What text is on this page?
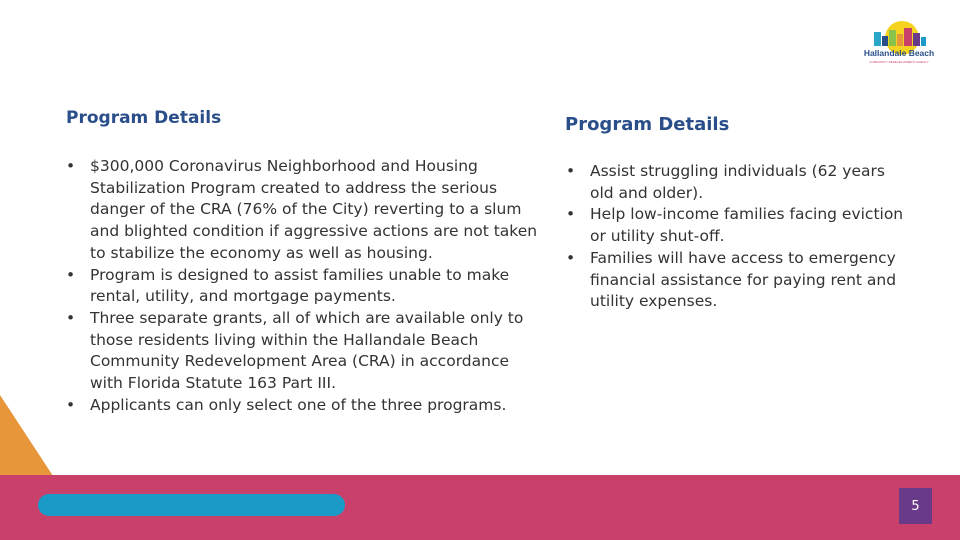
Hallandale Beach
COMMUNITY REDEVELOPMENT AGENCY
Program Details
• $300,000 Coronavirus Neighborhood and Housing Stabilization Program created to address the serious danger of the CRA (76% of the City) reverting to a slum and blighted condition if aggressive actions are not taken to stabilize the economy as well as housing.
• Program is designed to assist families unable to make rental, utility, and mortgage payments.
• Three separate grants, all of which are available only to those residents living within the Hallandale Beach Community Redevelopment Area (CRA) in accordance with Florida Statute 163 Part III.
• Applicants can only select one of the three programs.
Program Details
• Assist struggling individuals (62 years old and older).
• Help low-income families facing eviction or utility shut-off.
• Families will have access to emergency financial assistance for paying rent and utility expenses.
5
